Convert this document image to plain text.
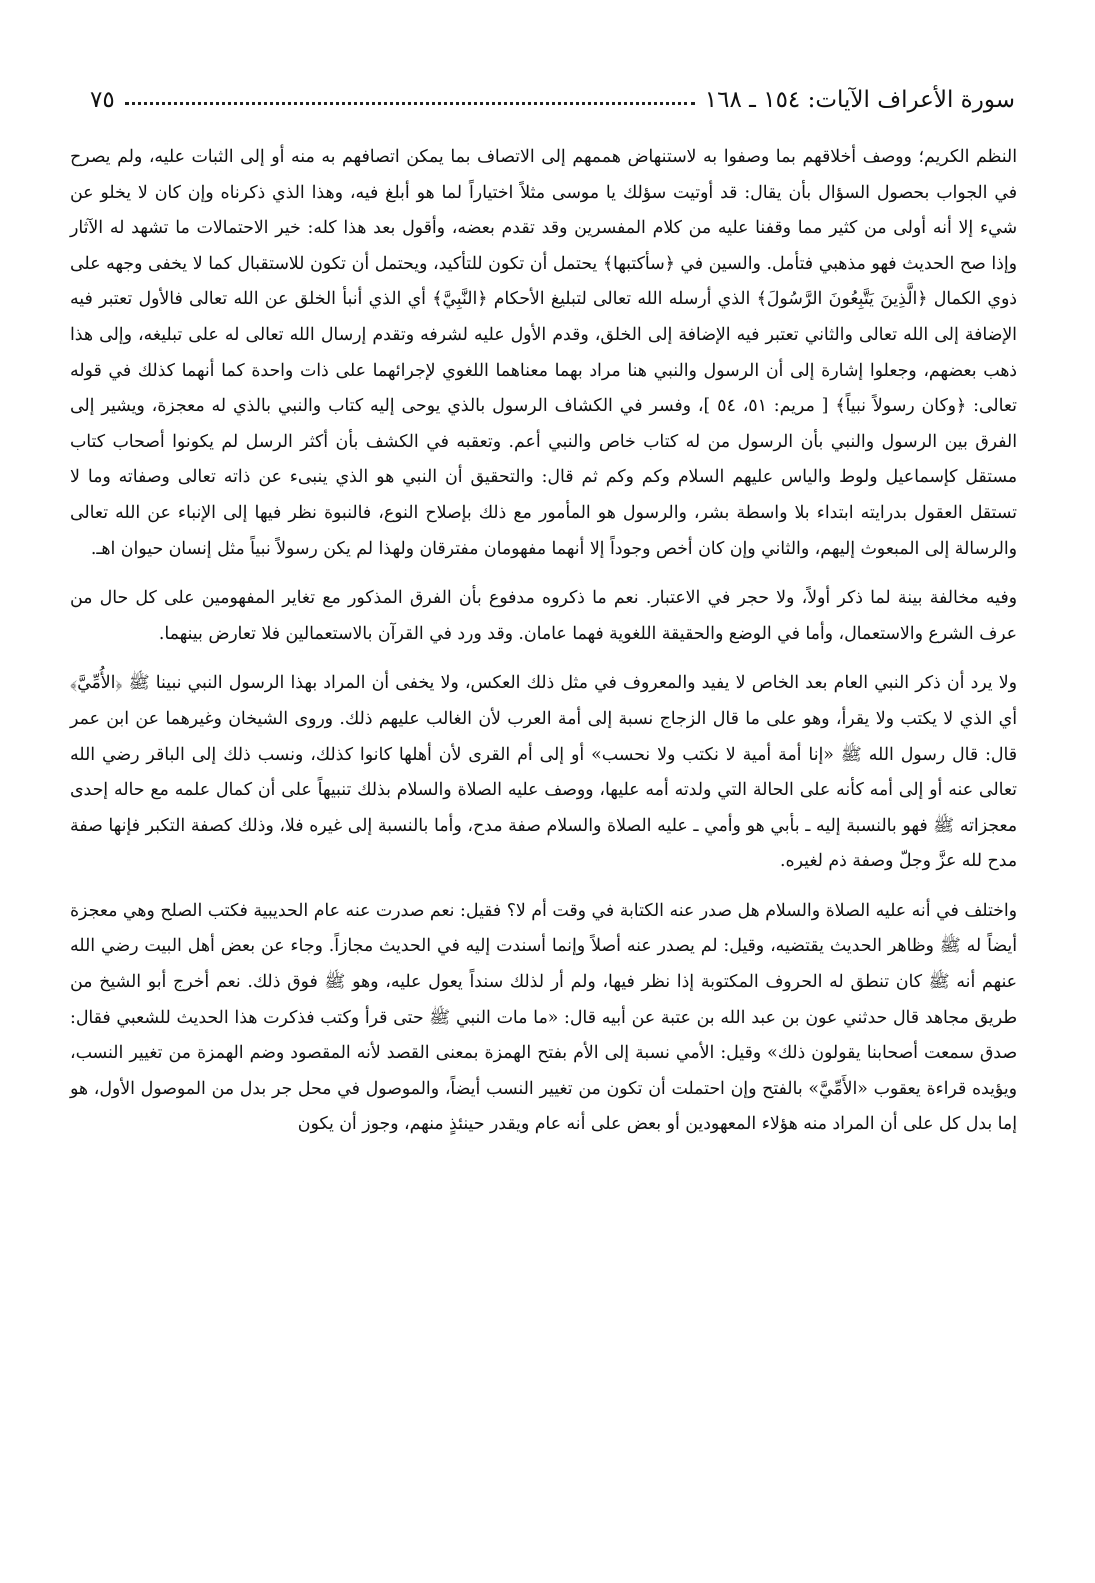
سورة الأعراف الآيات: ١٥٤ ـ ١٦٨
٧٥

النظم الكريم؛ ووصف أخلاقهم بما وصفوا به لاستنهاض هممهم إلى الاتصاف بما يمكن اتصافهم به منه أو إلى الثبات عليه، ولم يصرح في الجواب بحصول السؤال بأن يقال: قد أوتيت سؤلك يا موسى مثلاً اختياراً لما هو أبلغ فيه، وهذا الذي ذكرناه وإن كان لا يخلو عن شيء إلا أنه أولى من كثير مما وقفنا عليه من كلام المفسرين وقد تقدم بعضه، وأقول بعد هذا كله: خير الاحتمالات ما تشهد له الآثار وإذا صح الحديث فهو مذهبي فتأمل. والسين في ﴿سأكتبها﴾ يحتمل أن تكون للتأكيد، ويحتمل أن تكون للاستقبال كما لا يخفى وجهه على ذوي الكمال ﴿الَّذِينَ يَتَّبِعُونَ الرَّسُولَ﴾ الذي أرسله الله تعالى لتبليغ الأحكام ﴿النَّبِيَّ﴾ أي الذي أنبأ الخلق عن الله تعالى فالأول تعتبر فيه الإضافة إلى الله تعالى والثاني تعتبر فيه الإضافة إلى الخلق، وقدم الأول عليه لشرفه وتقدم إرسال الله تعالى له على تبليغه، وإلى هذا ذهب بعضهم، وجعلوا إشارة إلى أن الرسول والنبي هنا مراد بهما معناهما اللغوي لإجرائهما على ذات واحدة كما أنهما كذلك في قوله تعالى: ﴿وكان رسولاً نبياً﴾ [ مريم: ٥١، ٥٤ ]، وفسر في الكشاف الرسول بالذي يوحى إليه كتاب والنبي بالذي له معجزة، ويشير إلى الفرق بين الرسول والنبي بأن الرسول من له كتاب خاص والنبي أعم. وتعقبه في الكشف بأن أكثر الرسل لم يكونوا أصحاب كتاب مستقل كإسماعيل ولوط والياس عليهم السلام وكم وكم ثم قال: والتحقيق أن النبي هو الذي ينبىء عن ذاته تعالى وصفاته وما لا تستقل العقول بدرايته ابتداء بلا واسطة بشر، والرسول هو المأمور مع ذلك بإصلاح النوع، فالنبوة نظر فيها إلى الإنباء عن الله تعالى والرسالة إلى المبعوث إليهم، والثاني وإن كان أخص وجوداً إلا أنهما مفهومان مفترقان ولهذا لم يكن رسولاً نبياً مثل إنسان حيوان اهـ.

وفيه مخالفة بينة لما ذكر أولاً، ولا حجر في الاعتبار. نعم ما ذكروه مدفوع بأن الفرق المذكور مع تغاير المفهومين على كل حال من عرف الشرع والاستعمال، وأما في الوضع والحقيقة اللغوية فهما عامان. وقد ورد في القرآن بالاستعمالين فلا تعارض بينهما.

ولا يرد أن ذكر النبي العام بعد الخاص لا يفيد والمعروف في مثل ذلك العكس، ولا يخفى أن المراد بهذا الرسول النبي نبينا ﷺ ﴿الأُمِّيَّ﴾ أي الذي لا يكتب ولا يقرأ، وهو على ما قال الزجاج نسبة إلى أمة العرب لأن الغالب عليهم ذلك. وروى الشيخان وغيرهما عن ابن عمر قال: قال رسول الله ﷺ «إنا أمة أمية لا نكتب ولا نحسب» أو إلى أم القرى لأن أهلها كانوا كذلك، ونسب ذلك إلى الباقر رضي الله تعالى عنه أو إلى أمه كأنه على الحالة التي ولدته أمه عليها، ووصف عليه الصلاة والسلام بذلك تنبيهاً على أن كمال علمه مع حاله إحدى معجزاته ﷺ فهو بالنسبة إليه ـ بأبي هو وأمي ـ عليه الصلاة والسلام صفة مدح، وأما بالنسبة إلى غيره فلا، وذلك كصفة التكبر فإنها صفة مدح لله عزَّ وجلّ وصفة ذم لغيره.

واختلف في أنه عليه الصلاة والسلام هل صدر عنه الكتابة في وقت أم لا؟ فقيل: نعم صدرت عنه عام الحديبية فكتب الصلح وهي معجزة أيضاً له ﷺ وظاهر الحديث يقتضيه، وقيل: لم يصدر عنه أصلاً وإنما أسندت إليه في الحديث مجازاً. وجاء عن بعض أهل البيت رضي الله عنهم أنه ﷺ كان تنطق له الحروف المكتوبة إذا نظر فيها، ولم أر لذلك سنداً يعول عليه، وهو ﷺ فوق ذلك. نعم أخرج أبو الشيخ من طريق مجاهد قال حدثني عون بن عبد الله بن عتبة عن أبيه قال: «ما مات النبي ﷺ حتى قرأ وكتب فذكرت هذا الحديث للشعبي فقال: صدق سمعت أصحابنا يقولون ذلك» وقيل: الأمي نسبة إلى الأم بفتح الهمزة بمعنى القصد لأنه المقصود وضم الهمزة من تغيير النسب، ويؤيده قراءة يعقوب «الأَمِّيَّ» بالفتح وإن احتملت أن تكون من تغيير النسب أيضاً، والموصول في محل جر بدل من الموصول الأول، هو إما بدل كل على أن المراد منه هؤلاء المعهودين أو بعض على أنه عام ويقدر حينئذٍ منهم، وجوز أن يكون
